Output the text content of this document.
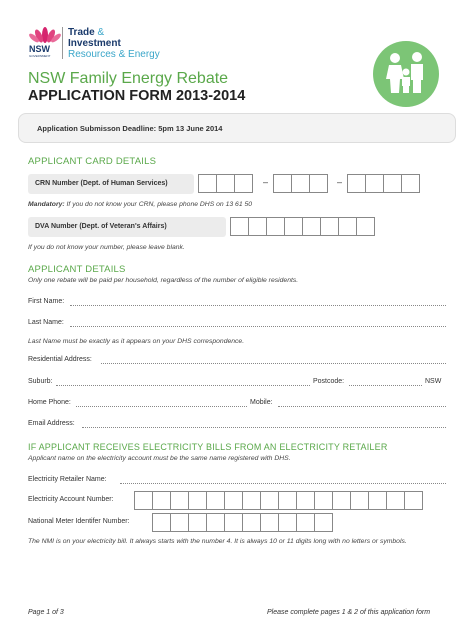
NSW
GOVERNMENT
Trade &
Investment
Resources & Energy
NSW Family Energy Rebate
APPLICATION FORM 2013-2014
Application Submisson Deadline: 5pm 13 June 2014
APPLICANT CARD DETAILS
CRN Number (Dept. of Human Services)	–	–
Mandatory: If you do not know your CRN, please phone DHS on 13 61 50
DVA Number (Dept. of Veteran's Affairs)
If you do not know your number, please leave blank.
APPLICANT DETAILS
Only one rebate will be paid per household, regardless of the number of eligible residents.
First Name:
Last Name:
Last Name must be exactly as it appears on your DHS correspondence.
Residential Address:
Suburb:	Postcode:	NSW
Home Phone:	Mobile:
Email Address:
IF APPLICANT RECEIVES ELECTRICITY BILLS FROM AN ELECTRICITY RETAILER
Applicant name on the electricity account must be the same name registered with DHS.
Electricity Retailer Name:
Electricity Account Number:
National Meter Identifer Number:
The NMI is on your electricity bill. It always starts with the number 4. It is always 10 or 11 digits long with no letters or symbols.
Page 1 of 3	Please complete pages 1 & 2 of this application form
